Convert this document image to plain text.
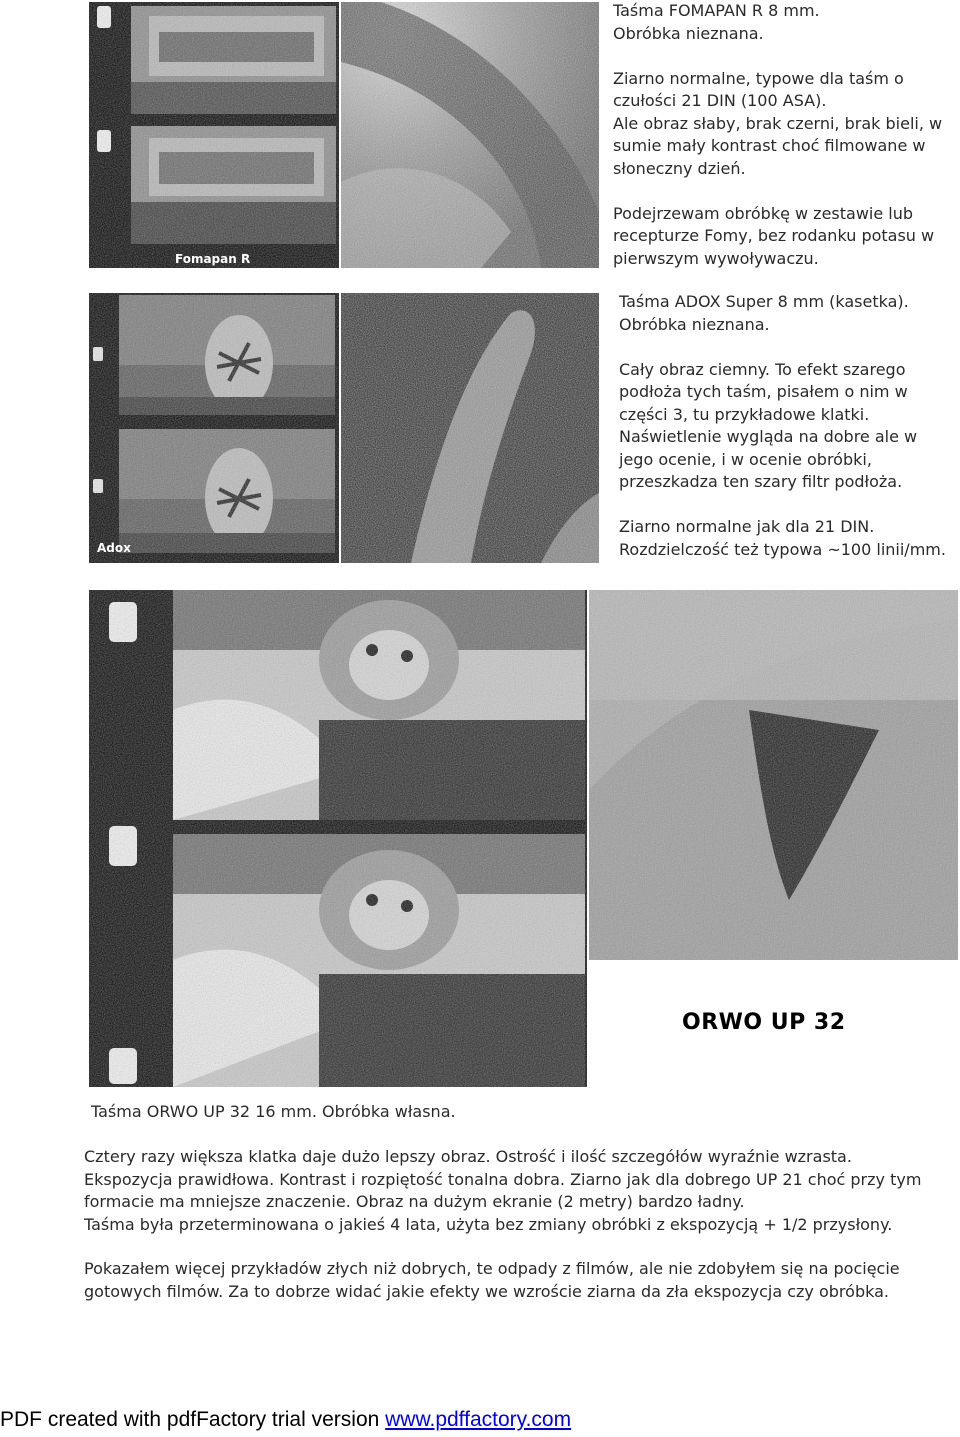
Fomapan R
Taśma FOMAPAN R 8 mm.
Obróbka nieznana.
Ziarno normalne, typowe dla taśm o
czułości 21 DIN (100 ASA).
Ale obraz słaby, brak czerni, brak bieli, w
sumie mały kontrast choć filmowane w
słoneczny dzień.
Podejrzewam obróbkę w zestawie lub
recepturze Fomy, bez rodanku potasu w
pierwszym wywoływaczu.
Adox
Taśma ADOX Super 8 mm (kasetka).
Obróbka nieznana.
Cały obraz ciemny. To efekt szarego
podłoża tych taśm, pisałem o nim w
części 3, tu przykładowe klatki.
Naświetlenie wygląda na dobre ale w
jego ocenie, i w ocenie obróbki,
przeszkadza ten szary filtr podłoża.
Ziarno normalne jak dla 21 DIN.
Rozdzielczość też typowa ~100 linii/mm.
ORWO UP 32
Taśma ORWO UP 32 16 mm. Obróbka własna.
Cztery razy większa klatka daje dużo lepszy obraz. Ostrość i ilość szczegółów wyraźnie wzrasta.
Ekspozycja prawidłowa. Kontrast i rozpiętość tonalna dobra. Ziarno jak dla dobrego UP 21 choć przy tym
formacie ma mniejsze znaczenie. Obraz na dużym ekranie (2 metry) bardzo ładny.
Taśma była przeterminowana o jakieś 4 lata, użyta bez zmiany obróbki z ekspozycją + 1/2 przysłony.
Pokazałem więcej przykładów złych niż dobrych, te odpady z filmów, ale nie zdobyłem się na pocięcie
gotowych filmów. Za to dobrze widać jakie efekty we wzroście ziarna da zła ekspozycja czy obróbka.
PDF created with pdfFactory trial version www.pdffactory.com
